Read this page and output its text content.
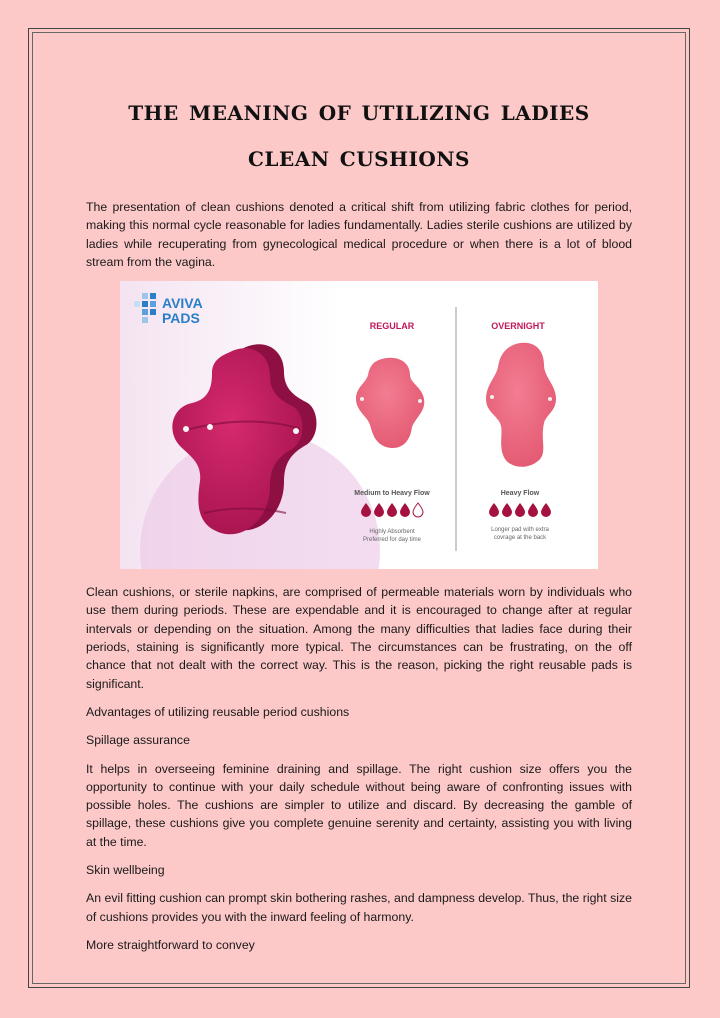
the meaning of utilizing ladies
clean cushions

The presentation of clean cushions denoted a critical shift from utilizing fabric clothes for period, making this normal cycle reasonable for ladies fundamentally. Ladies sterile cushions are utilized by ladies while recuperating from gynecological medical procedure or when there is a lot of blood stream from the vagina.

AVIVA
PADS	REGULAR
Medium to Heavy Flow
Highly Absorbent
Preferred for day time
OVERNIGHT
Heavy Flow
Longer pad with extra
covrage at the back

Clean cushions, or sterile napkins, are comprised of permeable materials worn by individuals who use them during periods. These are expendable and it is encouraged to change after at regular intervals or depending on the situation. Among the many difficulties that ladies face during their periods, staining is significantly more typical. The circumstances can be frustrating, on the off chance that not dealt with the correct way. This is the reason, picking the right reusable pads is significant.

Advantages of utilizing reusable period cushions

Spillage assurance

It helps in overseeing feminine draining and spillage. The right cushion size offers you the opportunity to continue with your daily schedule without being aware of confronting issues with possible holes. The cushions are simpler to utilize and discard. By decreasing the gamble of spillage, these cushions give you complete genuine serenity and certainty, assisting you with living at the time.

Skin wellbeing

An evil fitting cushion can prompt skin bothering rashes, and dampness develop. Thus, the right size of cushions provides you with the inward feeling of harmony.

More straightforward to convey
